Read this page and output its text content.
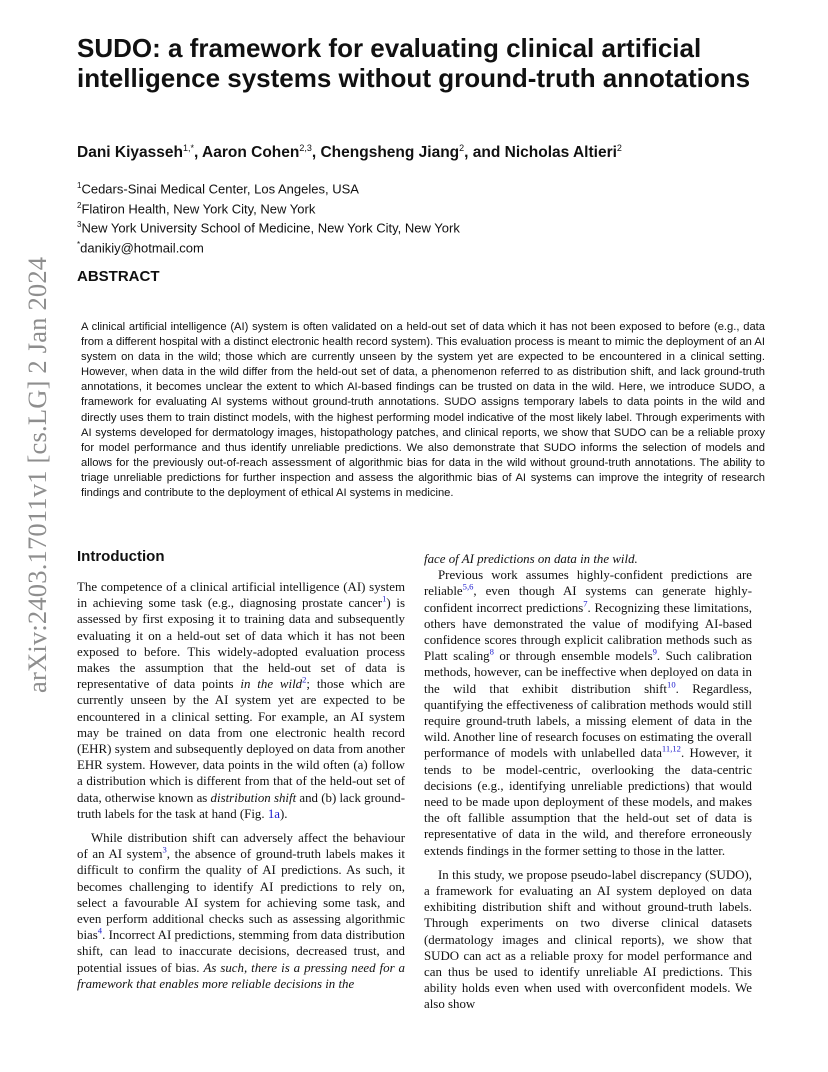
arXiv:2403.17011v1 [cs.LG] 2 Jan 2024
SUDO: a framework for evaluating clinical artificial intelligence systems without ground-truth annotations
Dani Kiyasseh$^{1,*}$, Aaron Cohen$^{2,3}$, Chengsheng Jiang$^2$, and Nicholas Altieri$^2$
$^1$Cedars-Sinai Medical Center, Los Angeles, USA
$^2$Flatiron Health, New York City, New York
$^3$New York University School of Medicine, New York City, New York
*danikiy@hotmail.com
ABSTRACT

A clinical artificial intelligence (AI) system is often validated on a held-out set of data which it has not been exposed to before (e.g., data from a different hospital with a distinct electronic health record system). This evaluation process is meant to mimic the deployment of an AI system on data in the wild; those which are currently unseen by the system yet are expected to be encountered in a clinical setting. However, when data in the wild differ from the held-out set of data, a phenomenon referred to as distribution shift, and lack ground-truth annotations, it becomes unclear the extent to which AI-based findings can be trusted on data in the wild. Here, we introduce SUDO, a framework for evaluating AI systems without ground-truth annotations. SUDO assigns temporary labels to data points in the wild and directly uses them to train distinct models, with the highest performing model indicative of the most likely label. Through experiments with AI systems developed for dermatology images, histopathology patches, and clinical reports, we show that SUDO can be a reliable proxy for model performance and thus identify unreliable predictions. We also demonstrate that SUDO informs the selection of models and allows for the previously out-of-reach assessment of algorithmic bias for data in the wild without ground-truth annotations. The ability to triage unreliable predictions for further inspection and assess the algorithmic bias of AI systems can improve the integrity of research findings and contribute to the deployment of ethical AI systems in medicine.

Introduction

The competence of a clinical artificial intelligence (AI) system in achieving some task (e.g., diagnosing prostate cancer$^1$) is assessed by first exposing it to training data and subsequently evaluating it on a held-out set of data which it has not been exposed to before. This widely-adopted evaluation process makes the assumption that the held-out set of data is representative of data points in the wild$^2$; those which are currently unseen by the AI system yet are expected to be encountered in a clinical setting. For example, an AI system may be trained on data from one electronic health record (EHR) system and subsequently deployed on data from another EHR system. However, data points in the wild often (a) follow a distribution which is different from that of the held-out set of data, otherwise known as distribution shift and (b) lack ground-truth labels for the task at hand (Fig. 1a).

While distribution shift can adversely affect the behaviour of an AI system$^3$, the absence of ground-truth labels makes it difficult to confirm the quality of AI predictions. As such, it becomes challenging to identify AI predictions to rely on, select a favourable AI system for achieving some task, and even perform additional checks such as assessing algorithmic bias$^4$. Incorrect AI predictions, stemming from data distribution shift, can lead to inaccurate decisions, decreased trust, and potential issues of bias. As such, there is a pressing need for a framework that enables more reliable decisions in the

face of AI predictions on data in the wild.

Previous work assumes highly-confident predictions are reliable$^{5,6}$, even though AI systems can generate highly-confident incorrect predictions$^7$. Recognizing these limitations, others have demonstrated the value of modifying AI-based confidence scores through explicit calibration methods such as Platt scaling$^8$ or through ensemble models$^9$. Such calibration methods, however, can be ineffective when deployed on data in the wild that exhibit distribution shift$^{10}$. Regardless, quantifying the effectiveness of calibration methods would still require ground-truth labels, a missing element of data in the wild. Another line of research focuses on estimating the overall performance of models with unlabelled data$^{11,12}$. However, it tends to be model-centric, overlooking the data-centric decisions (e.g., identifying unreliable predictions) that would need to be made upon deployment of these models, and makes the oft fallible assumption that the held-out set of data is representative of data in the wild, and therefore erroneously extends findings in the former setting to those in the latter.

In this study, we propose pseudo-label discrepancy (SUDO), a framework for evaluating an AI system deployed on data exhibiting distribution shift and without ground-truth labels. Through experiments on two diverse clinical datasets (dermatology images and clinical reports), we show that SUDO can act as a reliable proxy for model performance and can thus be used to identify unreliable AI predictions. This ability holds even when used with overconfident models. We also show
